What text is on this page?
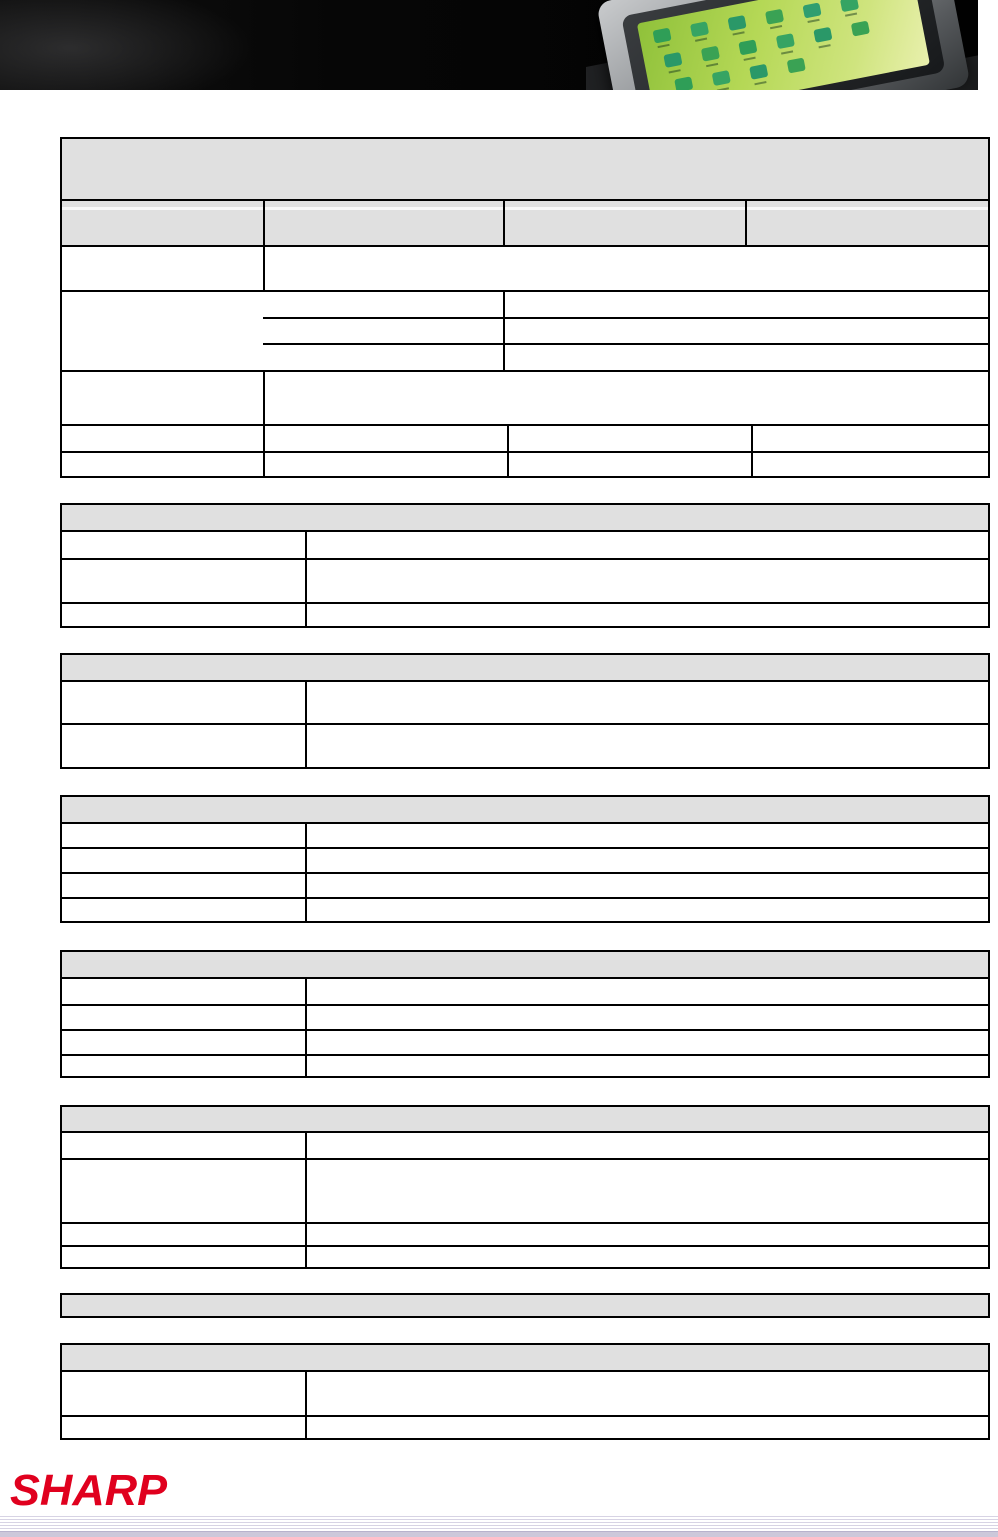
SHARP
